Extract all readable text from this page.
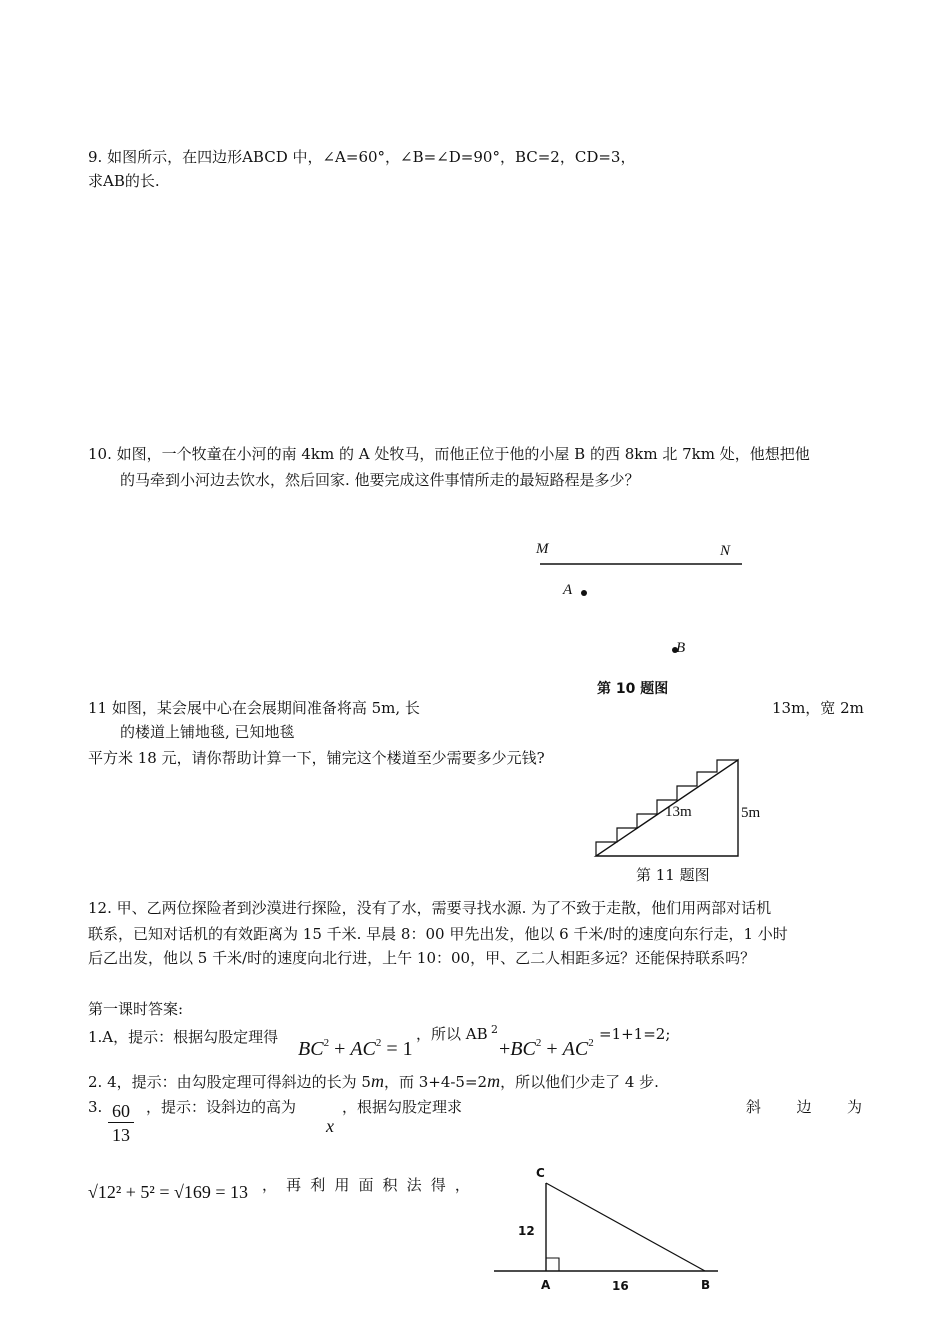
9. 如图所示，在四边形ABCD 中，∠A=60°，∠B=∠D=90°，BC=2，CD=3，
求AB的长.
10. 如图，一个牧童在小河的南 4km 的 A 处牧马，而他正位于他的小屋 B 的西 8km 北 7km 处，他想把他
的马牵到小河边去饮水，然后回家. 他要完成这件事情所走的最短路程是多少？
M	N
A
B
第 10 题图
11 如图，某会展中心在会展期间准备将高 5m, 长	13m，宽 2m
的楼道上铺地毯, 已知地毯
平方米 18 元，请你帮助计算一下，铺完这个楼道至少需要多少元钱?
13m	5m
第 11 题图
12. 甲、乙两位探险者到沙漠进行探险，没有了水，需要寻找水源. 为了不致于走散，他们用两部对话机
联系，已知对话机的有效距离为 15 千米. 早晨 8：00 甲先出发，他以 6 千米/时的速度向东行走，1 小时
后乙出发，他以 5 千米/时的速度向北行进，上午 10：00，甲、乙二人相距多远？还能保持联系吗？
第一课时答案:
1.A，提示：根据勾股定理得
$BC^2 + AC^2 = 1$
，所以 AB 2
$+BC^2 + AC^2 =1+1=2$;
2. 4，提示：由勾股定理可得斜边的长为 5m，而 3+4-5=2m，所以他们少走了 4 步.
3. 60
13
，提示：设斜边的高为
x
，根据勾股定理求	斜 边 为
√12² + 5² = √169 = 13 ， 再 利 用 面 积 法 得 ，
C
12
A	16	B
